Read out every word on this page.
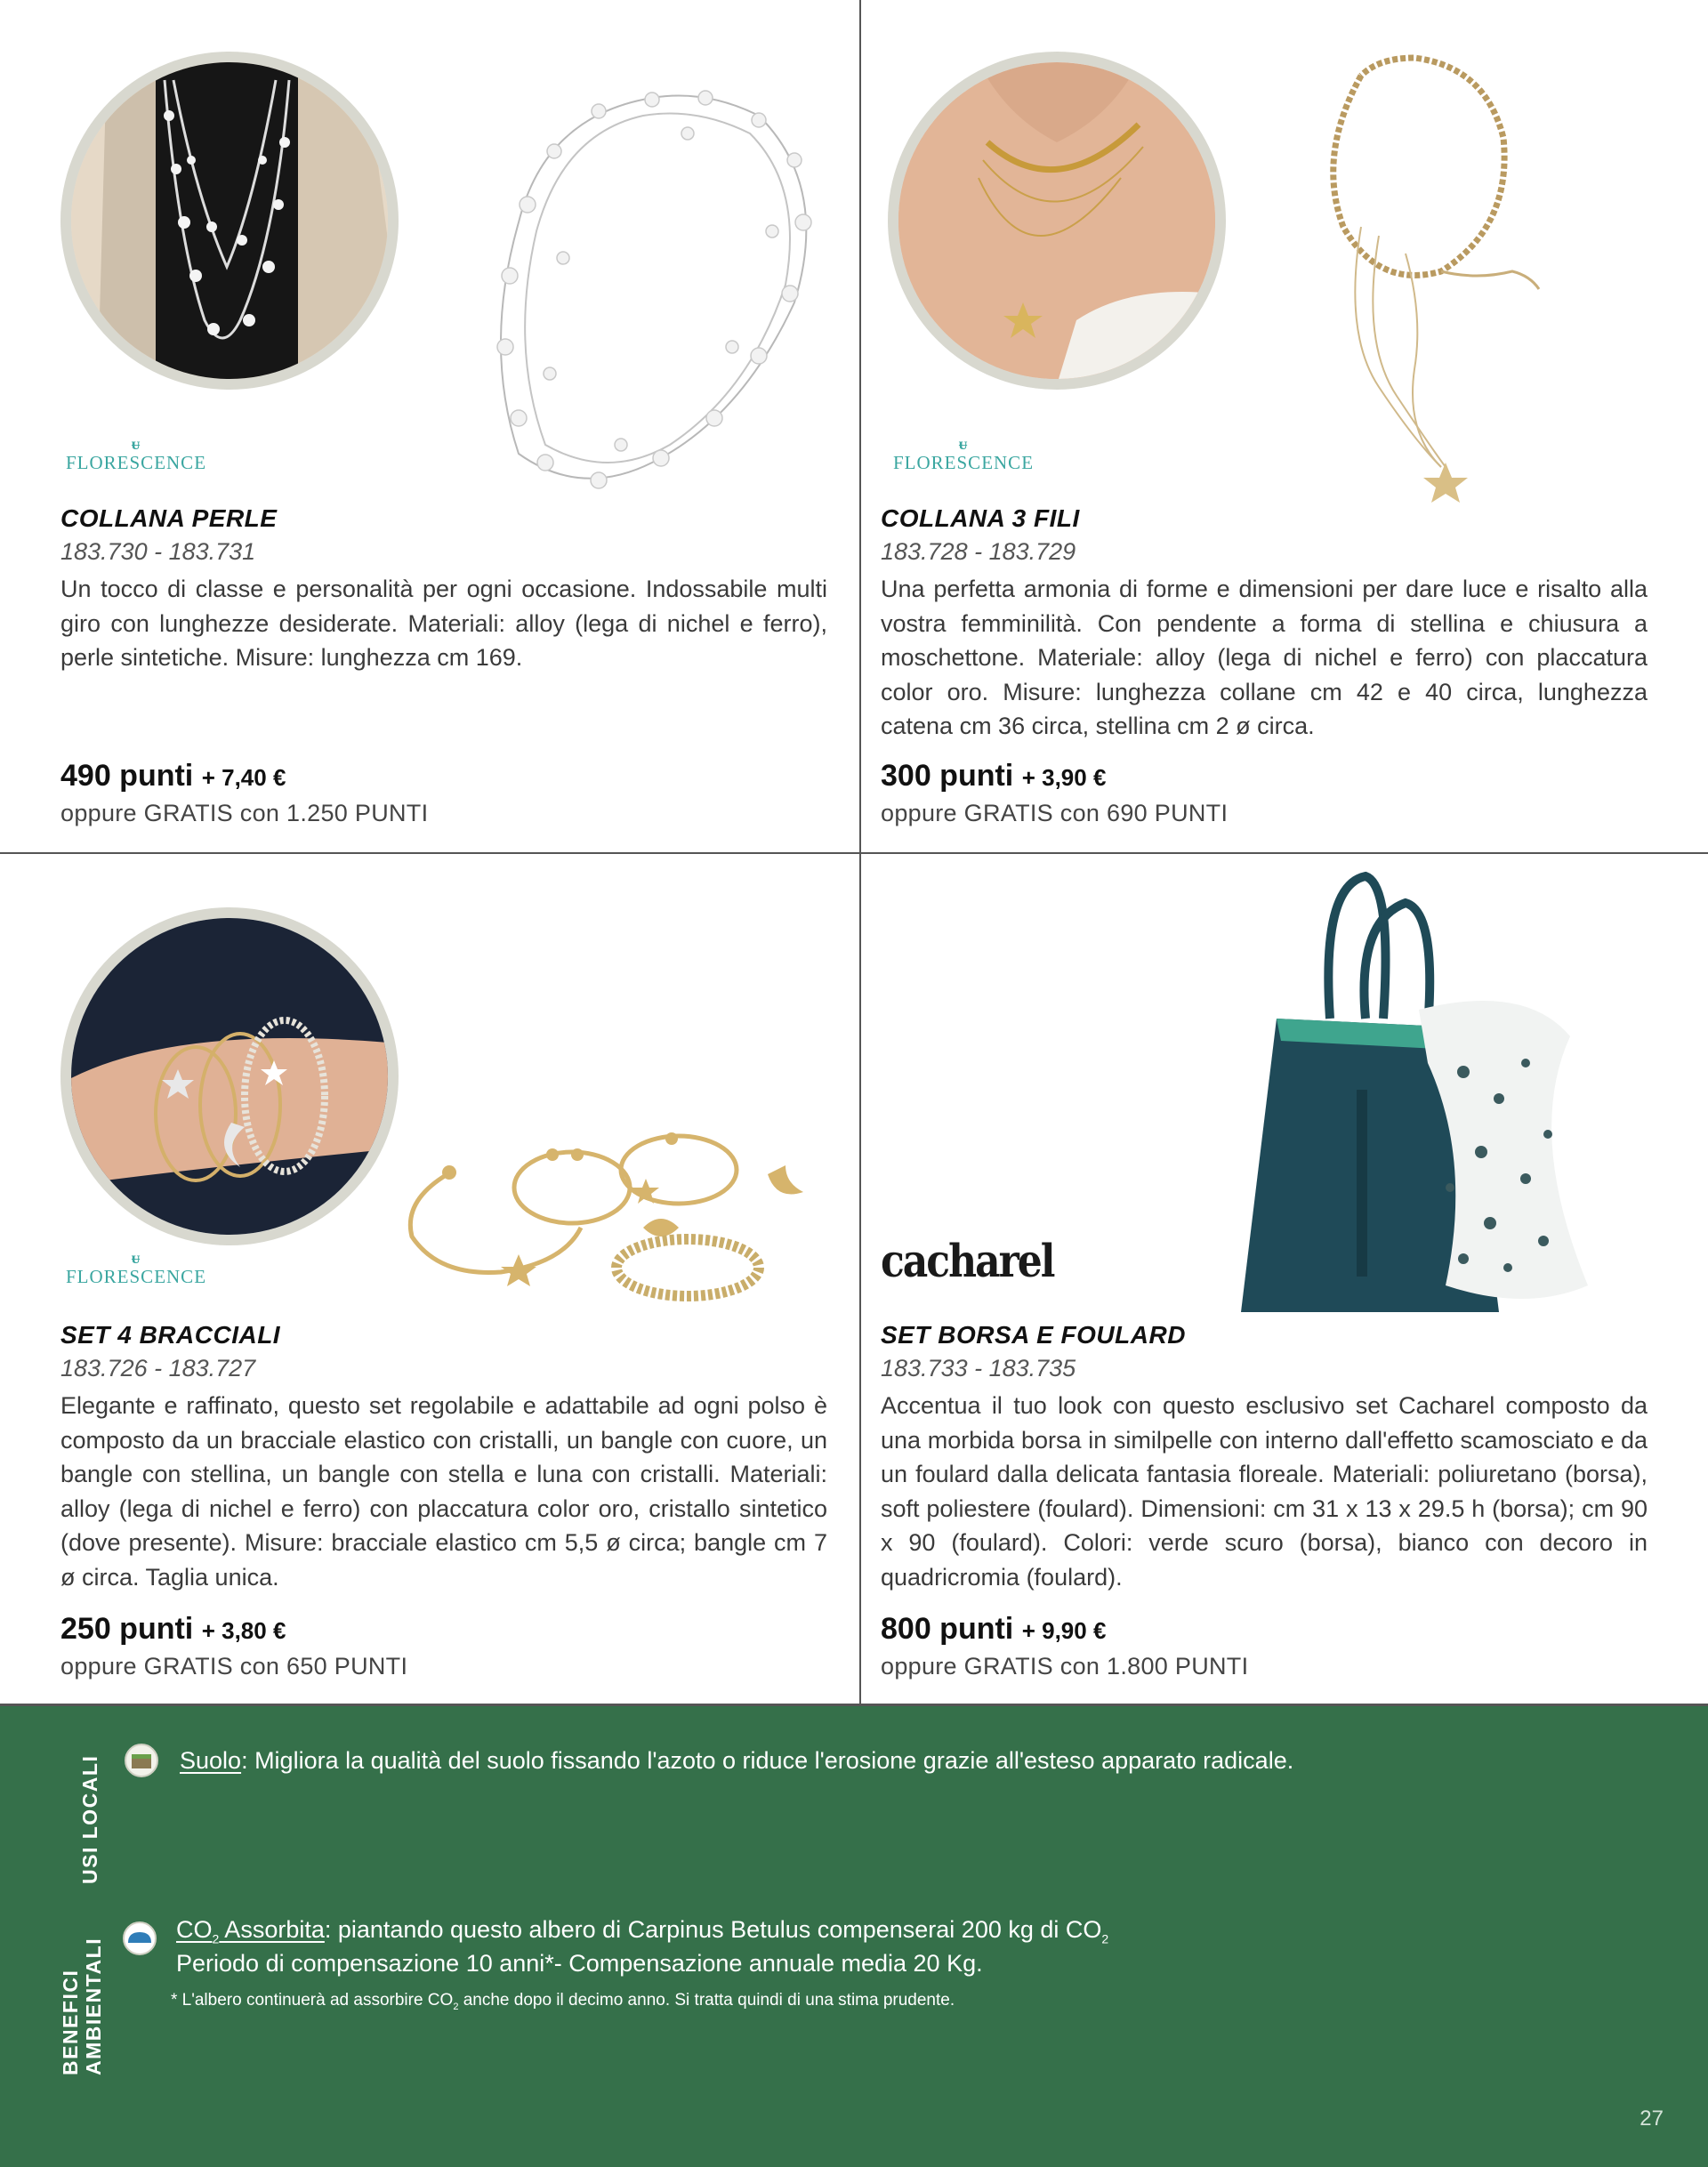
ᵾ
FLORESCENCE
COLLANA PERLE
183.730 - 183.731
Un tocco di classe e personalità per ogni occasione. Indossabile multi giro con lunghezze desiderate. Materiali: alloy (lega di nichel e ferro), perle sintetiche. Misure: lunghezza cm 169.
490 punti + 7,40 €
oppure GRATIS con 1.250 PUNTI
ᵾ
FLORESCENCE
COLLANA 3 FILI
183.728 - 183.729
Una perfetta armonia di forme e dimensioni per dare luce e risalto alla vostra femminilità. Con pendente a forma di stellina e chiusura a moschettone. Materiale: alloy (lega di nichel e ferro) con placcatura color oro. Misure: lunghezza collane cm 42 e 40 circa, lunghezza catena cm 36 circa, stellina cm 2 ø circa.
300 punti + 3,90 €
oppure GRATIS con 690 PUNTI
ᵾ
FLORESCENCE
SET 4 BRACCIALI
183.726 - 183.727
Elegante e raffinato, questo set regolabile e adattabile ad ogni polso è composto da un bracciale elastico con cristalli, un bangle con cuore, un bangle con stellina, un bangle con stella e luna con cristalli. Materiali: alloy (lega di nichel e ferro) con placcatura color oro, cristallo sintetico (dove presente). Misure: bracciale elastico cm 5,5 ø circa; bangle cm 7 ø circa. Taglia unica.
250 punti + 3,80 €
oppure GRATIS con 650 PUNTI
cacharel
SET BORSA E FOULARD
183.733 - 183.735
Accentua il tuo look con questo esclusivo set Cacharel composto da una morbida borsa in similpelle con interno dall'effetto scamosciato e da un foulard dalla delicata fantasia floreale. Materiali: poliuretano (borsa), soft poliestere (foulard). Dimensioni: cm 31 x 13 x 29.5 h (borsa); cm 90 x 90 (foulard). Colori: verde scuro (borsa), bianco con decoro in quadricromia (foulard).
800 punti + 9,90 €
oppure GRATIS con 1.800 PUNTI
USI LOCALI
BENEFICI
AMBIENTALI
Suolo: Migliora la qualità del suolo fissando l'azoto o riduce l'erosione grazie all'esteso apparato radicale.
$CO_2$ Assorbita: piantando questo albero di Carpinus Betulus compenserai 200 kg di $CO_2$
Periodo di compensazione 10 anni*- Compensazione annuale media 20 Kg.
* L'albero continuerà ad assorbire $CO_2$ anche dopo il decimo anno. Si tratta quindi di una stima prudente.
27
